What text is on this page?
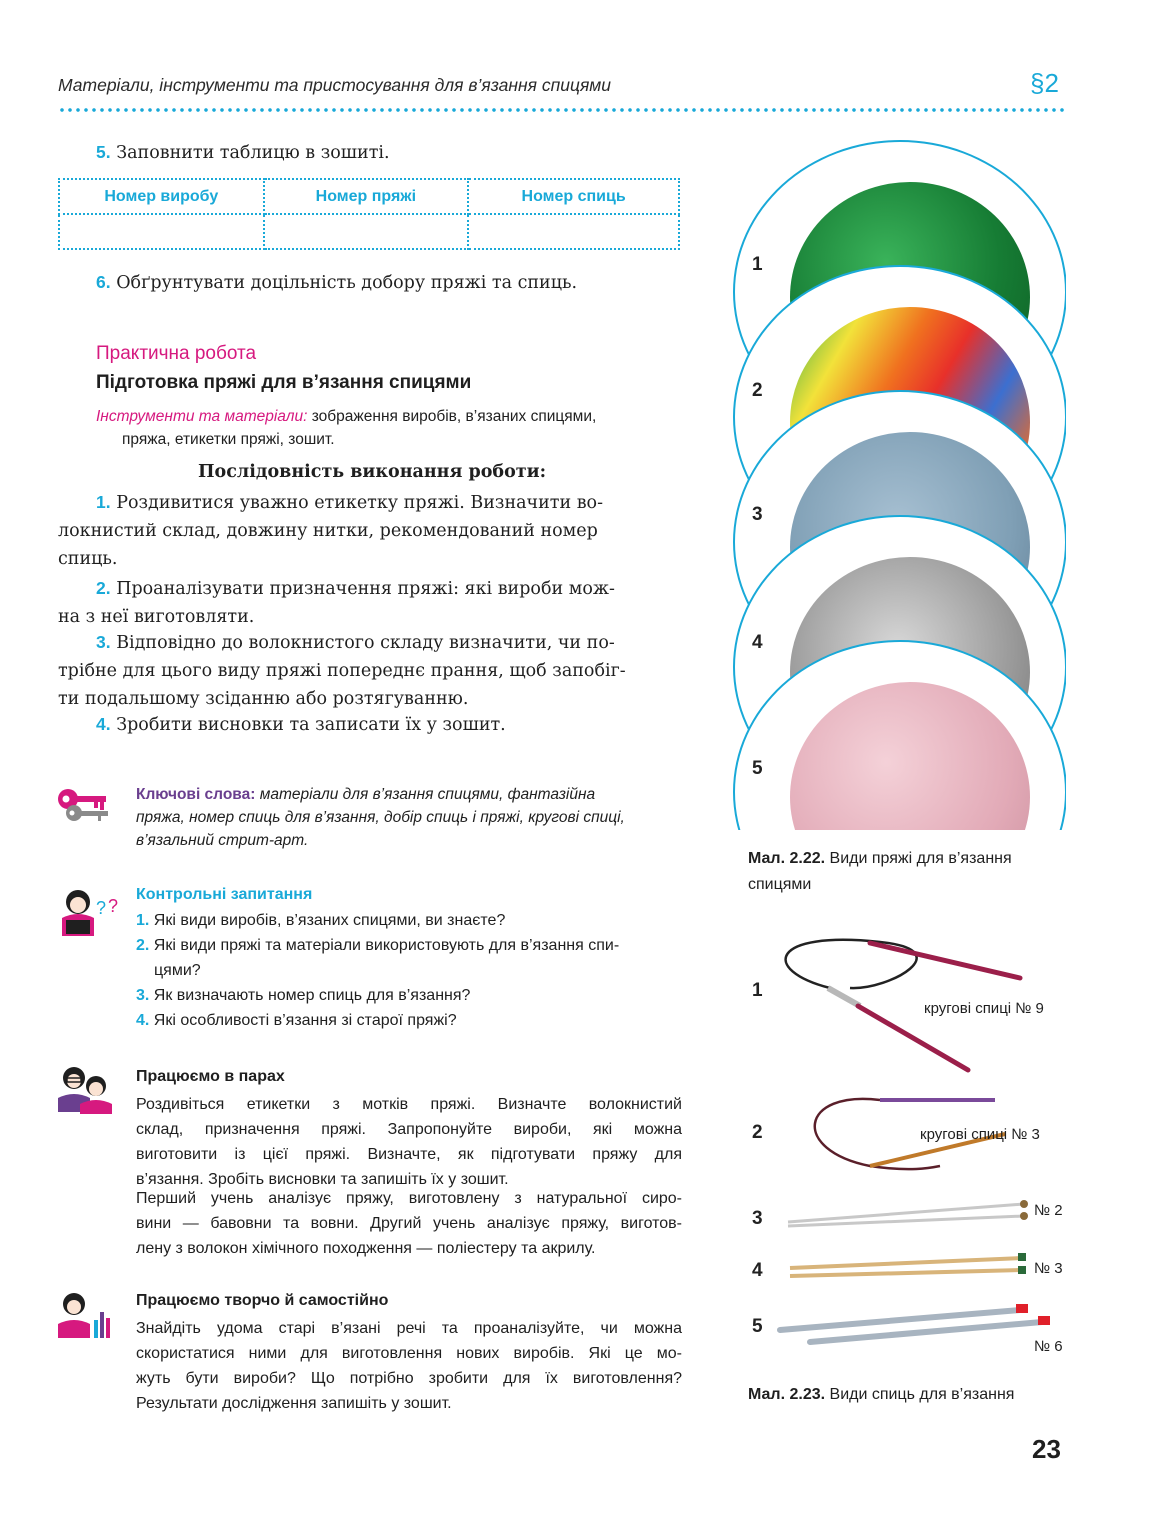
Матеріали, інструменти та пристосування для в’язання спицями	§2
5. Заповнити таблицю в зошиті.
Номер виробу	Номер пряжі	Номер спиць

6. Обґрунтувати доцільність добору пряжі та спиць.
Практична робота
Підготовка пряжі для в’язання спицями
Інструменти та матеріали: зображення виробів, в’язаних спицями,
пряжа, етикетки пряжі, зошит.
Послідовність виконання роботи:
1. Роздивитися уважно етикетку пряжі. Визначити во-
локнистий склад, довжину нитки, рекомендований номер
спиць.
2. Проаналізувати призначення пряжі: які вироби мож-
на з неї виготовляти.
3. Відповідно до волокнистого складу визначити, чи по-
трібне для цього виду пряжі попереднє прання, щоб запобіг-
ти подальшому зсіданню або розтягуванню.
4. Зробити висновки та записати їх у зошит.
Ключові слова: матеріали для в’язання спицями, фантазійна
пряжа, номер спиць для в’язання, добір спиць і пряжі, кругові спиці,
в’язальний стрит-арт.
? ?
Контрольні запитання
1. Які види виробів, в’язаних спицями, ви знаєте?
2. Які види пряжі та матеріали використовують для в’язання спи-
цями?
3. Як визначають номер спиць для в’язання?
4. Які особливості в’язання зі старої пряжі?
Працюємо в парах
Роздивіться етикетки з мотків пряжі. Визначте волокнистий
склад, призначення пряжі. Запропонуйте вироби, які можна
виготовити із цієї пряжі. Визначте, як підготувати пряжу для
в’язання. Зробіть висновки та запишіть їх у зошит.
Перший учень аналізує пряжу, виготовлену з натуральної сиро-
вини — бавовни та вовни. Другий учень аналізує пряжу, виготов-
лену з волокон хімічного походження — поліестеру та акрилу.
Працюємо творчо й самостійно
Знайдіть удома старі в’язані речі та проаналізуйте, чи можна
скористатися ними для виготовлення нових виробів. Які це мо-
жуть бути вироби? Що потрібно зробити для їх виготовлення?
Результати дослідження запишіть у зошит.
1
2
3
4
5
Мал. 2.22. Види пряжі для в’язання
спицями
1
2
3
4
5
кругові спиці № 9
кругові спиці № 3
№ 2
№ 3
№ 6
Мал. 2.23. Види спиць для в’язання
23
